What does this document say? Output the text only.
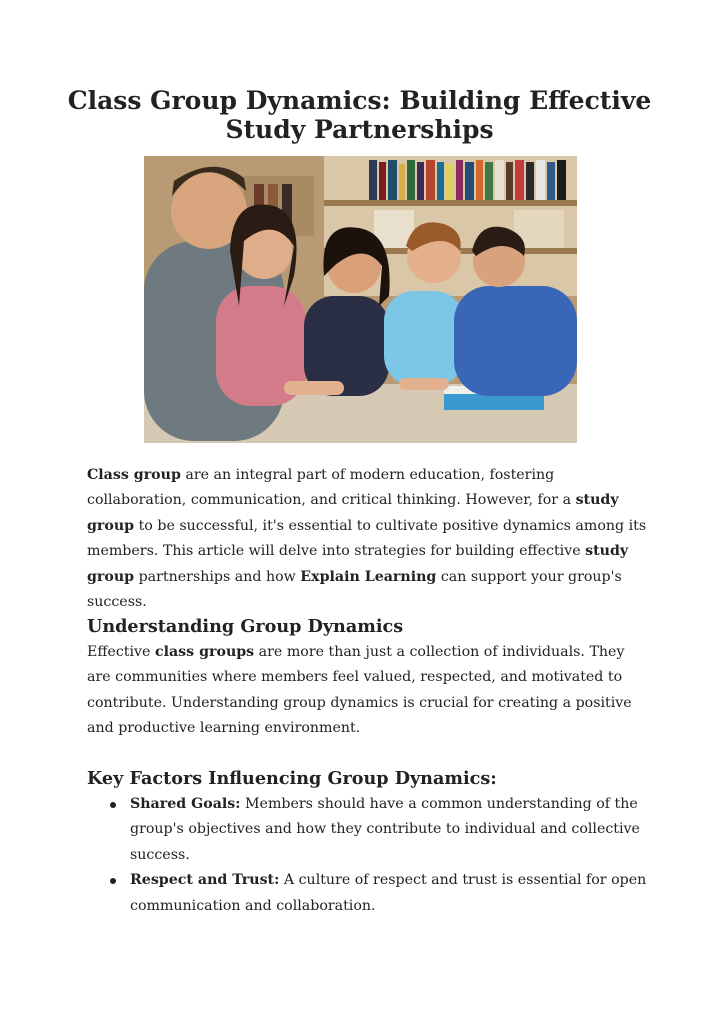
Class Group Dynamics: Building Effective Study Partnerships

Class group are an integral part of modern education, fostering collaboration, communication, and critical thinking. However, for a study group to be successful, it's essential to cultivate positive dynamics among its members. This article will delve into strategies for building effective study group partnerships and how Explain Learning can support your group's success.

Understanding Group Dynamics

Effective class groups are more than just a collection of individuals. They are communities where members feel valued, respected, and motivated to contribute. Understanding group dynamics is crucial for creating a positive and productive learning environment.

Key Factors Influencing Group Dynamics:
Shared Goals: Members should have a common understanding of the group's objectives and how they contribute to individual and collective success.
Respect and Trust: A culture of respect and trust is essential for open communication and collaboration.
